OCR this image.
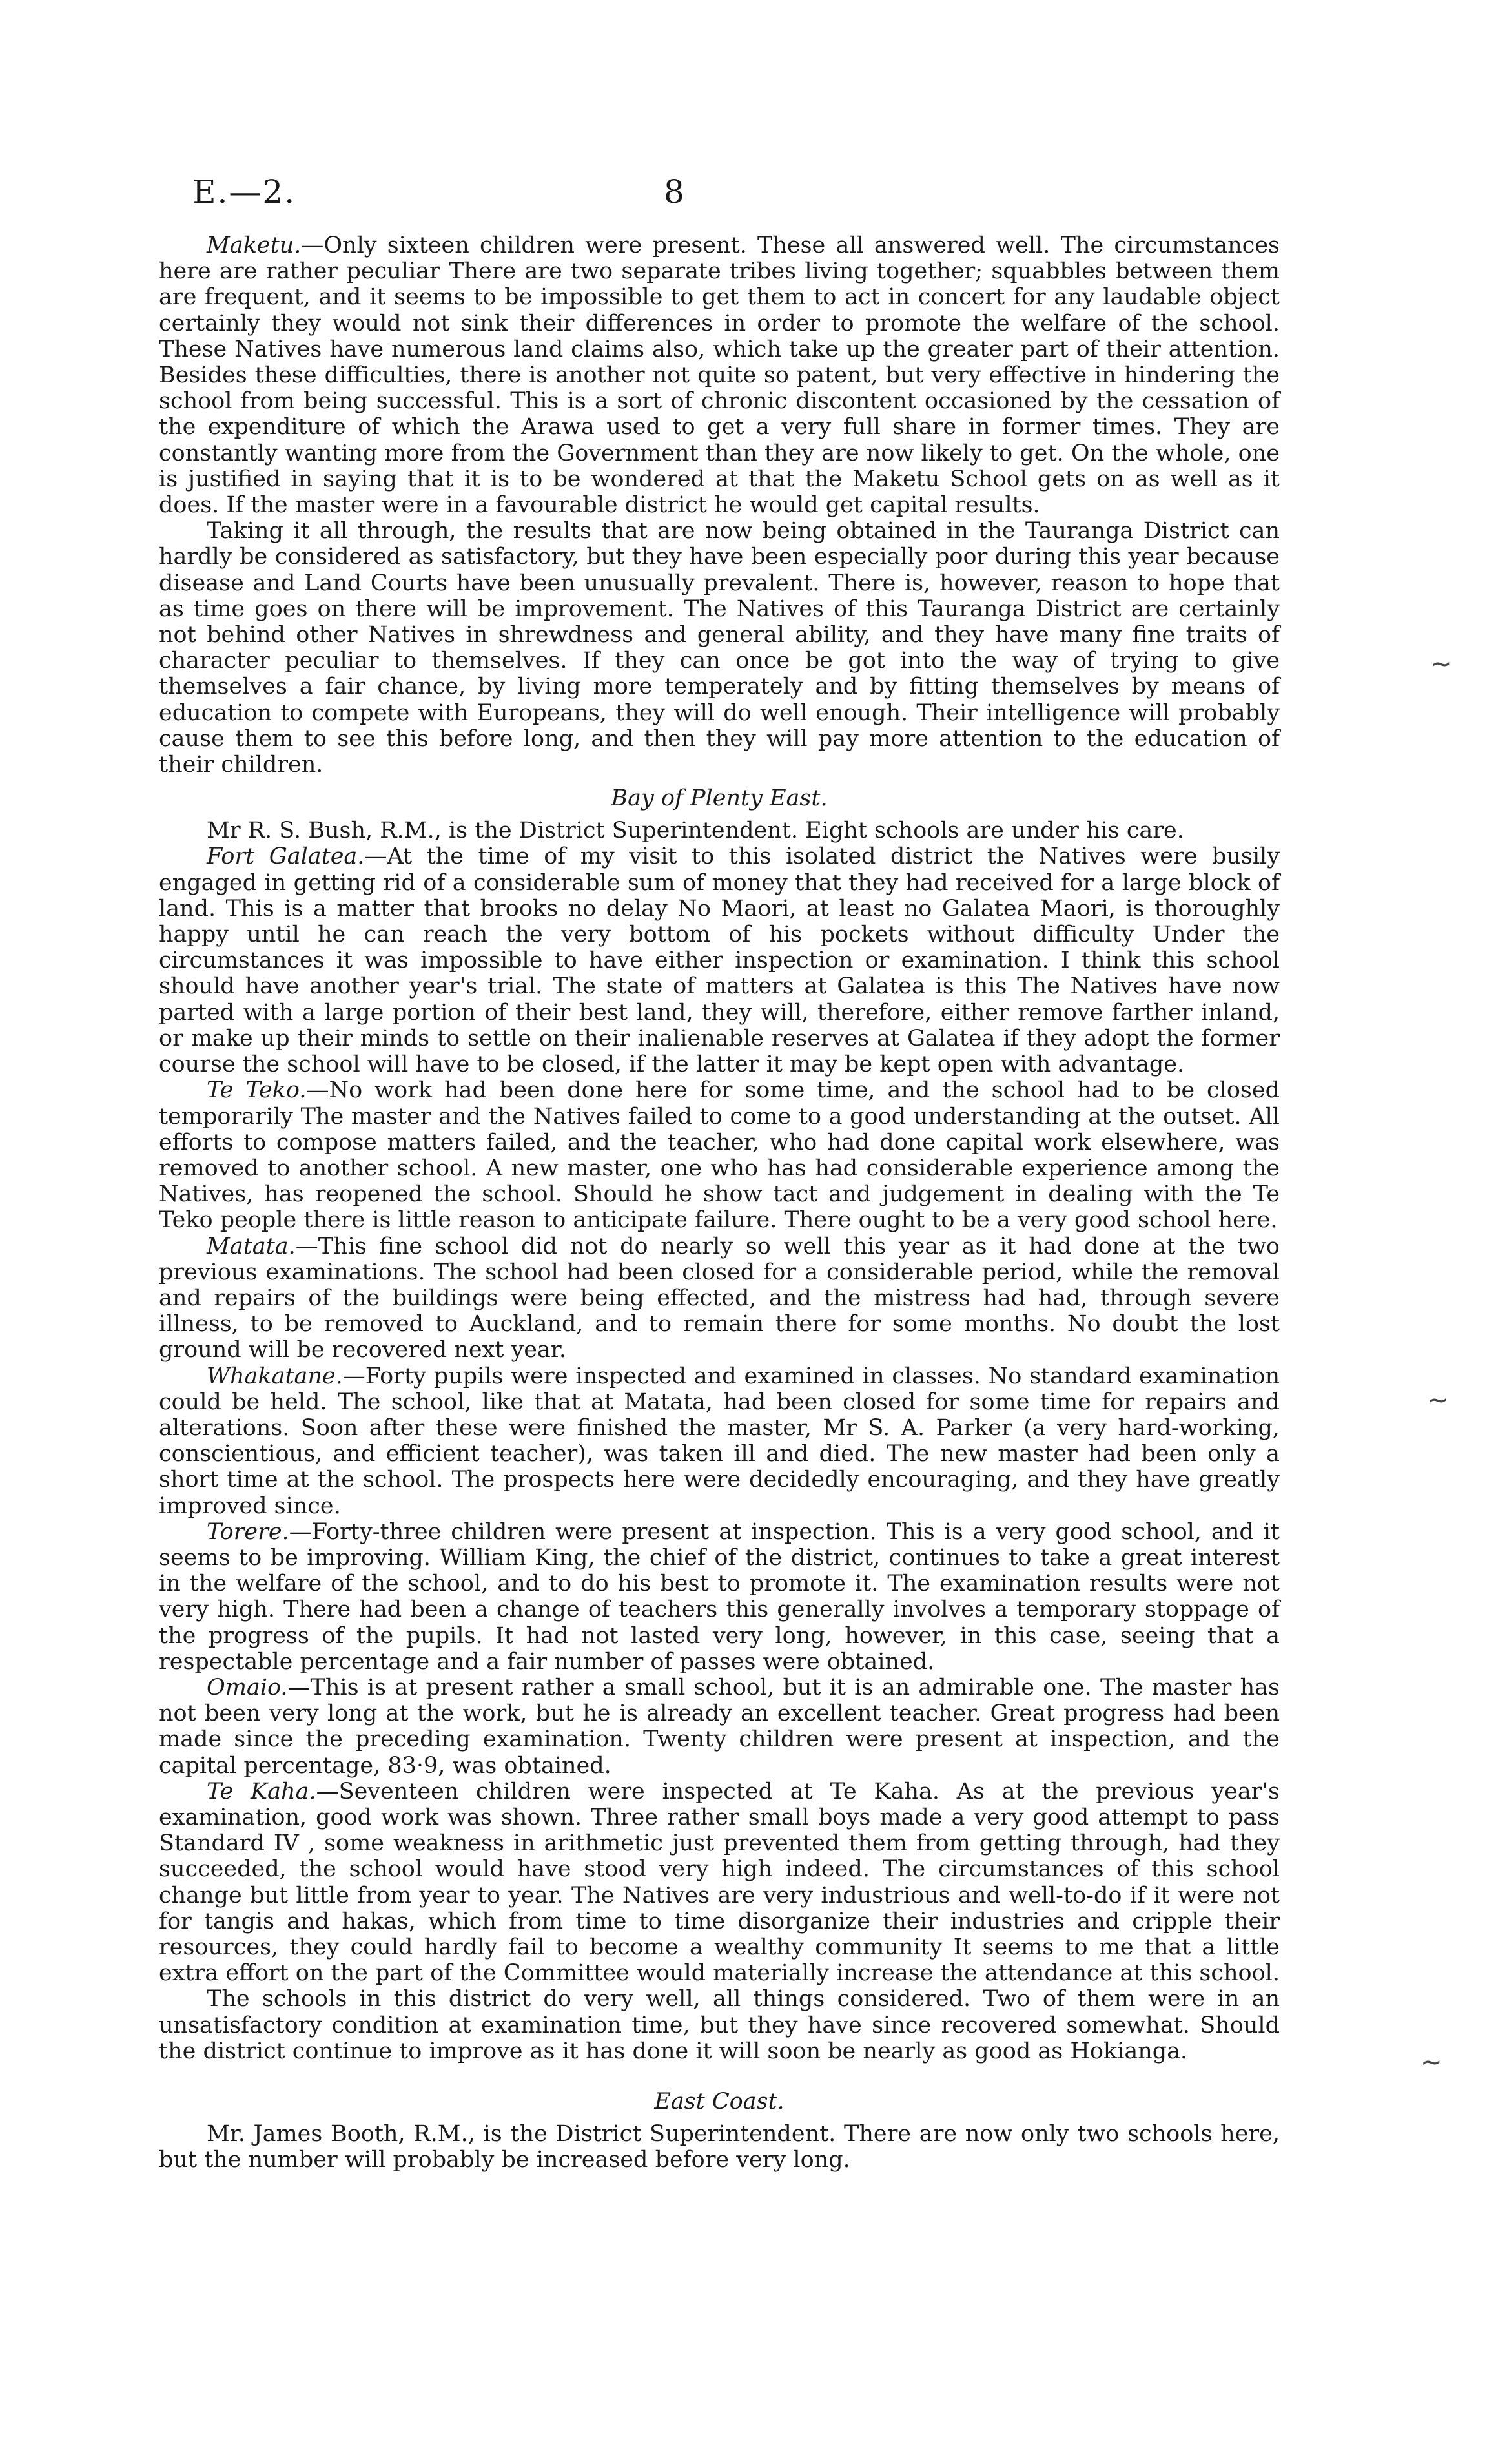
E.—2.	8

Maketu.—Only sixteen children were present. These all answered well. The circumstances here are rather peculiar There are two separate tribes living together; squabbles between them are frequent, and it seems to be impossible to get them to act in concert for any laudable object certainly they would not sink their differences in order to promote the welfare of the school. These Natives have numerous land claims also, which take up the greater part of their attention. Besides these difficulties, there is another not quite so patent, but very effective in hindering the school from being successful. This is a sort of chronic discontent occasioned by the cessation of the expenditure of which the Arawa used to get a very full share in former times. They are constantly wanting more from the Government than they are now likely to get. On the whole, one is justified in saying that it is to be wondered at that the Maketu School gets on as well as it does. If the master were in a favourable district he would get capital results.

Taking it all through, the results that are now being obtained in the Tauranga District can hardly be considered as satisfactory, but they have been especially poor during this year because disease and Land Courts have been unusually prevalent. There is, however, reason to hope that as time goes on there will be improvement. The Natives of this Tauranga District are certainly not behind other Natives in shrewdness and general ability, and they have many fine traits of character peculiar to themselves. If they can once be got into the way of trying to give themselves a fair chance, by living more temperately and by fitting themselves by means of education to compete with Europeans, they will do well enough. Their intelligence will probably cause them to see this before long, and then they will pay more attention to the education of their children.

Bay of Plenty East.

Mr R. S. Bush, R.M., is the District Superintendent. Eight schools are under his care.

Fort Galatea.—At the time of my visit to this isolated district the Natives were busily engaged in getting rid of a considerable sum of money that they had received for a large block of land. This is a matter that brooks no delay No Maori, at least no Galatea Maori, is thoroughly happy until he can reach the very bottom of his pockets without difficulty Under the circumstances it was impossible to have either inspection or examination. I think this school should have another year's trial. The state of matters at Galatea is this The Natives have now parted with a large portion of their best land, they will, therefore, either remove farther inland, or make up their minds to settle on their inalienable reserves at Galatea if they adopt the former course the school will have to be closed, if the latter it may be kept open with advantage.

Te Teko.—No work had been done here for some time, and the school had to be closed temporarily The master and the Natives failed to come to a good understanding at the outset. All efforts to compose matters failed, and the teacher, who had done capital work elsewhere, was removed to another school. A new master, one who has had considerable experience among the Natives, has reopened the school. Should he show tact and judgement in dealing with the Te Teko people there is little reason to anticipate failure. There ought to be a very good school here.

Matata.—This fine school did not do nearly so well this year as it had done at the two previous examinations. The school had been closed for a considerable period, while the removal and repairs of the buildings were being effected, and the mistress had had, through severe illness, to be removed to Auckland, and to remain there for some months. No doubt the lost ground will be recovered next year.

Whakatane.—Forty pupils were inspected and examined in classes. No standard examination could be held. The school, like that at Matata, had been closed for some time for repairs and alterations. Soon after these were finished the master, Mr S. A. Parker (a very hard-working, conscientious, and efficient teacher), was taken ill and died. The new master had been only a short time at the school. The prospects here were decidedly encouraging, and they have greatly improved since.

Torere.—Forty-three children were present at inspection. This is a very good school, and it seems to be improving. William King, the chief of the district, continues to take a great interest in the welfare of the school, and to do his best to promote it. The examination results were not very high. There had been a change of teachers this generally involves a temporary stoppage of the progress of the pupils. It had not lasted very long, however, in this case, seeing that a respectable percentage and a fair number of passes were obtained.

Omaio.—This is at present rather a small school, but it is an admirable one. The master has not been very long at the work, but he is already an excellent teacher. Great progress had been made since the preceding examination. Twenty children were present at inspection, and the capital percentage, 83·9, was obtained.

Te Kaha.—Seventeen children were inspected at Te Kaha. As at the previous year's examination, good work was shown. Three rather small boys made a very good attempt to pass Standard IV , some weakness in arithmetic just prevented them from getting through, had they succeeded, the school would have stood very high indeed. The circumstances of this school change but little from year to year. The Natives are very industrious and well-to-do if it were not for tangis and hakas, which from time to time disorganize their industries and cripple their resources, they could hardly fail to become a wealthy community It seems to me that a little extra effort on the part of the Committee would materially increase the attendance at this school.

The schools in this district do very well, all things considered. Two of them were in an unsatisfactory condition at examination time, but they have since recovered somewhat. Should the district continue to improve as it has done it will soon be nearly as good as Hokianga.

East Coast.

Mr. James Booth, R.M., is the District Superintendent. There are now only two schools here, but the number will probably be increased before very long.

~
~
~
